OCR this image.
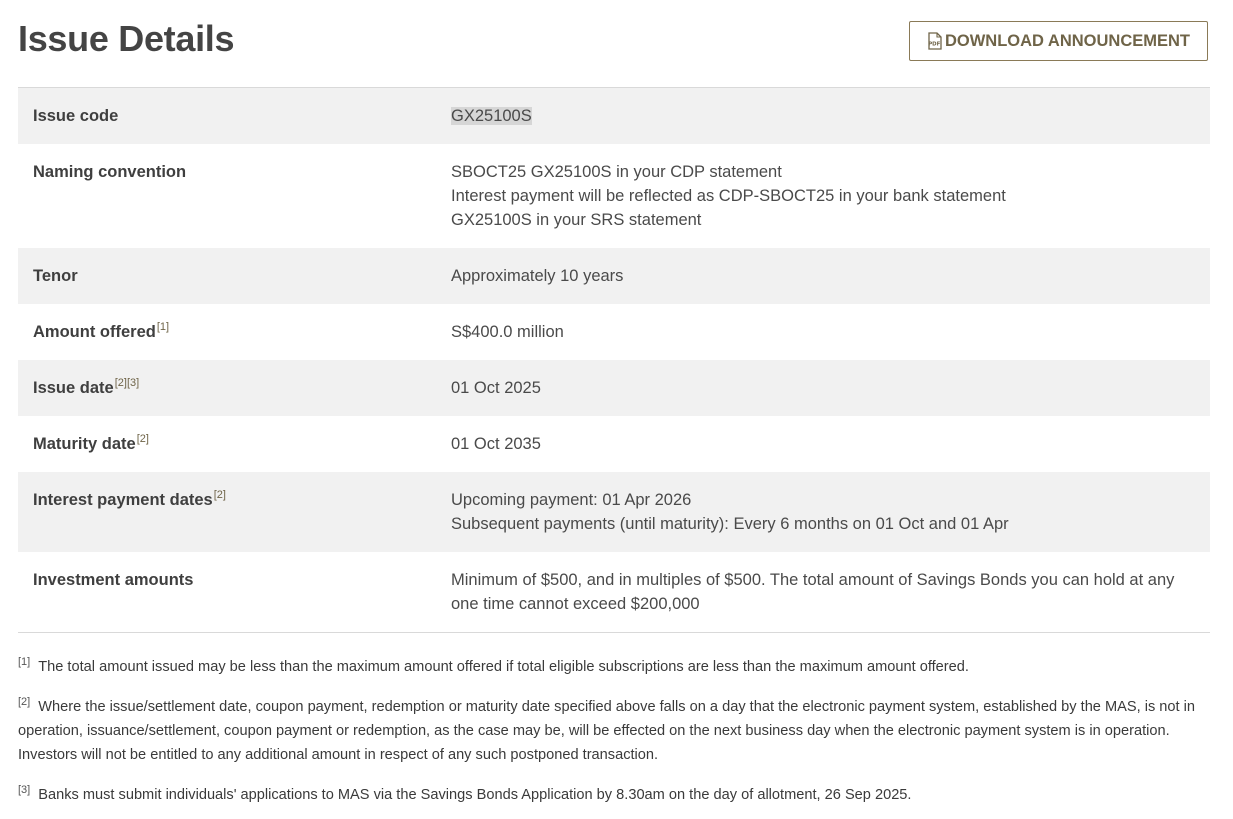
Issue Details	PDF DOWNLOAD ANNOUNCEMENT
Issue code	GX25100S

Naming convention	SBOCT25 GX25100S in your CDP statement
Interest payment will be reflected as CDP-SBOCT25 in your bank statement
GX25100S in your SRS statement

Tenor	Approximately 10 years

Amount offered[1]	S$400.0 million

Issue date[2][3]	01 Oct 2025

Maturity date[2]	01 Oct 2035

Interest payment dates[2]	Upcoming payment: 01 Apr 2026
Subsequent payments (until maturity): Every 6 months on 01 Oct and 01 Apr

Investment amounts	Minimum of $500, and in multiples of $500. The total amount of Savings Bonds you can hold at any one time cannot exceed $200,000

[1] The total amount issued may be less than the maximum amount offered if total eligible subscriptions are less than the maximum amount offered.

[2] Where the issue/settlement date, coupon payment, redemption or maturity date specified above falls on a day that the electronic payment system, established by the MAS, is not in operation, issuance/settlement, coupon payment or redemption, as the case may be, will be effected on the next business day when the electronic payment system is in operation. Investors will not be entitled to any additional amount in respect of any such postponed transaction.

[3] Banks must submit individuals' applications to MAS via the Savings Bonds Application by 8.30am on the day of allotment, 26 Sep 2025.
